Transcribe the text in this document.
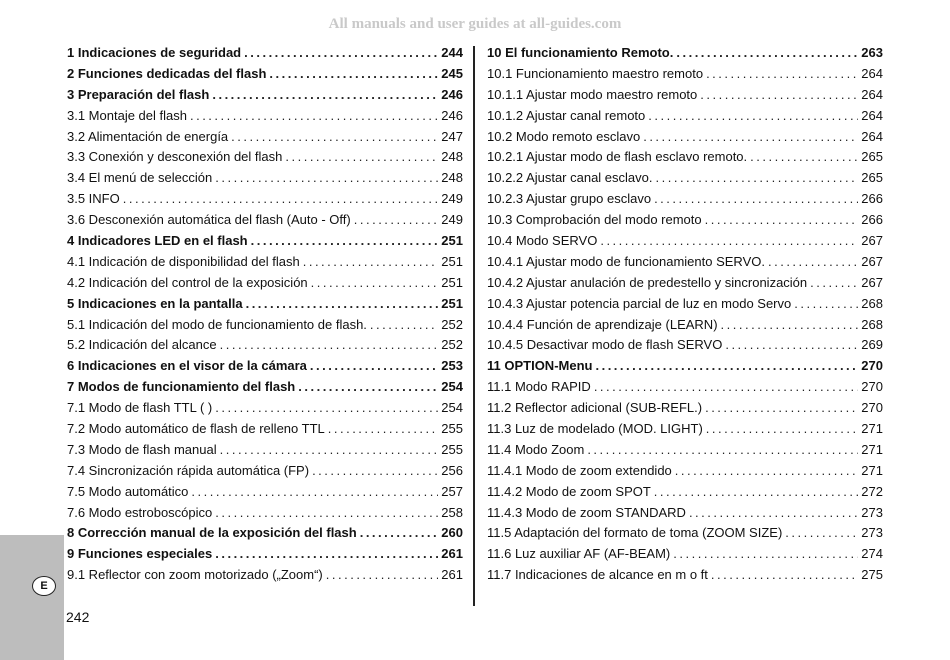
All manuals and user guides at all-guides.com
1 Indicaciones de seguridad .....	244
2 Funciones dedicadas del flash .....	245
3 Preparación del flash .....	246
3.1 Montaje del flash .....	246
3.2 Alimentación de energía .....	247
3.3 Conexión y desconexión del flash .....	248
3.4 El menú de selección .....	248
3.5 INFO .....	249
3.6 Desconexión automática del flash (Auto - Off) .....	249
4 Indicadores LED en el flash .....	251
4.1 Indicación de disponibilidad del flash .....	251
4.2 Indicación del control de la exposición .....	251
5 Indicaciones en la pantalla .....	251
5.1 Indicación del modo de funcionamiento de flash. .....	252
5.2 Indicación del alcance .....	252
6 Indicaciones en el visor de la cámara .....	253
7 Modos de funcionamiento del flash .....	254
7.1 Modo de flash TTL ( ) .....	254
7.2 Modo automático de flash de relleno TTL .....	255
7.3 Modo de flash manual .....	255
7.4 Sincronización rápida automática (FP) .....	256
7.5 Modo automático .....	257
7.6 Modo estroboscópico .....	258
8 Corrección manual de la exposición del flash .....	260
9 Funciones especiales .....	261
9.1 Reflector con zoom motorizado („Zoom“) .....	261
10 El funcionamiento Remoto. .....	263
10.1 Funcionamiento maestro remoto .....	264
10.1.1 Ajustar modo maestro remoto .....	264
10.1.2 Ajustar canal remoto .....	264
10.2 Modo remoto esclavo .....	264
10.2.1 Ajustar modo de flash esclavo remoto. .....	265
10.2.2 Ajustar canal esclavo. .....	265
10.2.3 Ajustar grupo esclavo .....	266
10.3 Comprobación del modo remoto .....	266
10.4 Modo SERVO .....	267
10.4.1 Ajustar modo de funcionamiento SERVO. .....	267
10.4.2 Ajustar anulación de predestello y sincronización .....	267
10.4.3 Ajustar potencia parcial de luz en modo Servo .....	268
10.4.4 Función de aprendizaje (LEARN) .....	268
10.4.5 Desactivar modo de flash SERVO .....	269
11 OPTION-Menu .....	270
11.1 Modo RAPID .....	270
11.2 Reflector adicional (SUB-REFL.) .....	270
11.3 Luz de modelado (MOD. LIGHT) .....	271
11.4 Modo Zoom .....	271
11.4.1 Modo de zoom extendido .....	271
11.4.2 Modo de zoom SPOT .....	272
11.4.3 Modo de zoom STANDARD .....	273
11.5 Adaptación del formato de toma (ZOOM SIZE) .....	273
11.6 Luz auxiliar AF (AF-BEAM) .....	274
11.7 Indicaciones de alcance en m o ft .....	275
E
242
